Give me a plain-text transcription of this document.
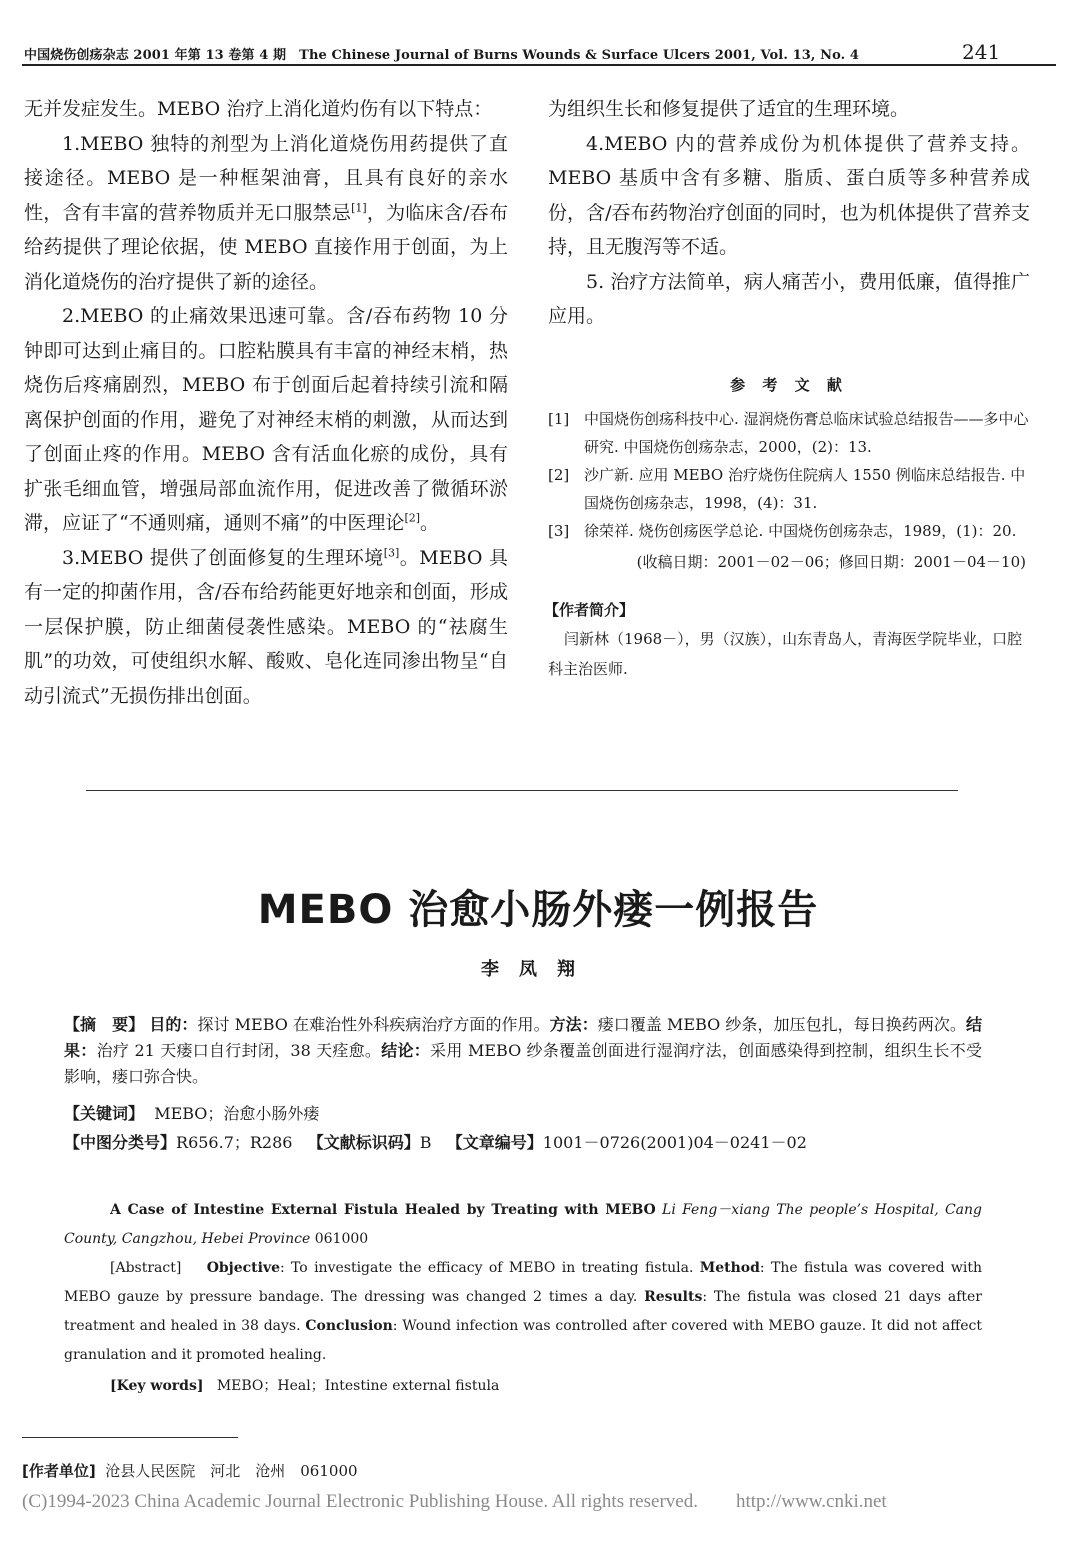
中国烧伤创疡杂志 2001 年第 13 卷第 4 期　The Chinese Journal of Burns Wounds & Surface Ulcers 2001, Vol. 13, No. 4	241

无并发症发生。MEBO 治疗上消化道灼伤有以下特点：

1.MEBO 独特的剂型为上消化道烧伤用药提供了直接途径。MEBO 是一种框架油膏，且具有良好的亲水性，含有丰富的营养物质并无口服禁忌[1]，为临床含/吞布给药提供了理论依据，使 MEBO 直接作用于创面，为上消化道烧伤的治疗提供了新的途径。

2.MEBO 的止痛效果迅速可靠。含/吞布药物 10 分钟即可达到止痛目的。口腔粘膜具有丰富的神经末梢，热烧伤后疼痛剧烈，MEBO 布于创面后起着持续引流和隔离保护创面的作用，避免了对神经末梢的刺激，从而达到了创面止疼的作用。MEBO 含有活血化瘀的成份，具有扩张毛细血管，增强局部血流作用，促进改善了微循环淤滞，应证了“不通则痛，通则不痛”的中医理论[2]。

3.MEBO 提供了创面修复的生理环境[3]。MEBO 具有一定的抑菌作用，含/吞布给药能更好地亲和创面，形成一层保护膜，防止细菌侵袭性感染。MEBO 的“祛腐生肌”的功效，可使组织水解、酸败、皂化连同渗出物呈“自动引流式”无损伤排出创面。

为组织生长和修复提供了适宜的生理环境。

4.MEBO 内的营养成份为机体提供了营养支持。MEBO 基质中含有多糖、脂质、蛋白质等多种营养成份，含/吞布药物治疗创面的同时，也为机体提供了营养支持，且无腹泻等不适。

5. 治疗方法简单，病人痛苦小，费用低廉，值得推广应用。

参 考 文 献
[1] 中国烧伤创疡科技中心. 湿润烧伤膏总临床试验总结报告——多中心研究. 中国烧伤创疡杂志，2000，(2)：13.
[2] 沙广新. 应用 MEBO 治疗烧伤住院病人 1550 例临床总结报告. 中国烧伤创疡杂志，1998，(4)：31.
[3] 徐荣祥. 烧伤创疡医学总论. 中国烧伤创疡杂志，1989，(1)：20.
(收稿日期：2001－02－06；修回日期：2001－04－10)
【作者简介】

闫新林（1968－），男（汉族），山东青岛人，青海医学院毕业，口腔科主治医师.

MEBO 治愈小肠外瘘一例报告
李凤翔
【摘　要】 目的：探讨 MEBO 在难治性外科疾病治疗方面的作用。方法：瘘口覆盖 MEBO 纱条，加压包扎，每日换药两次。结果：治疗 21 天瘘口自行封闭，38 天痊愈。结论：采用 MEBO 纱条覆盖创面进行湿润疗法，创面感染得到控制，组织生长不受影响，瘘口弥合快。
【关键词】 MEBO；治愈小肠外瘘
【中图分类号】R656.7；R286 【文献标识码】B 【文章编号】1001－0726(2001)04－0241－02
A Case of Intestine External Fistula Healed by Treating with MEBO Li Feng－xiang The people’s Hospital, Cang County, Cangzhou, Hebei Province 061000
[Abstract] Objective: To investigate the efficacy of MEBO in treating fistula. Method: The fistula was covered with MEBO gauze by pressure bandage. The dressing was changed 2 times a day. Results: The fistula was closed 21 days after treatment and healed in 38 days. Conclusion: Wound infection was controlled after covered with MEBO gauze. It did not affect granulation and it promoted healing.
[Key words] MEBO；Heal；Intestine external fistula
[作者单位] 沧县人民医院　河北　沧州　061000
(C)1994-2023 China Academic Journal Electronic Publishing House. All rights reserved.　　http://www.cnki.net
